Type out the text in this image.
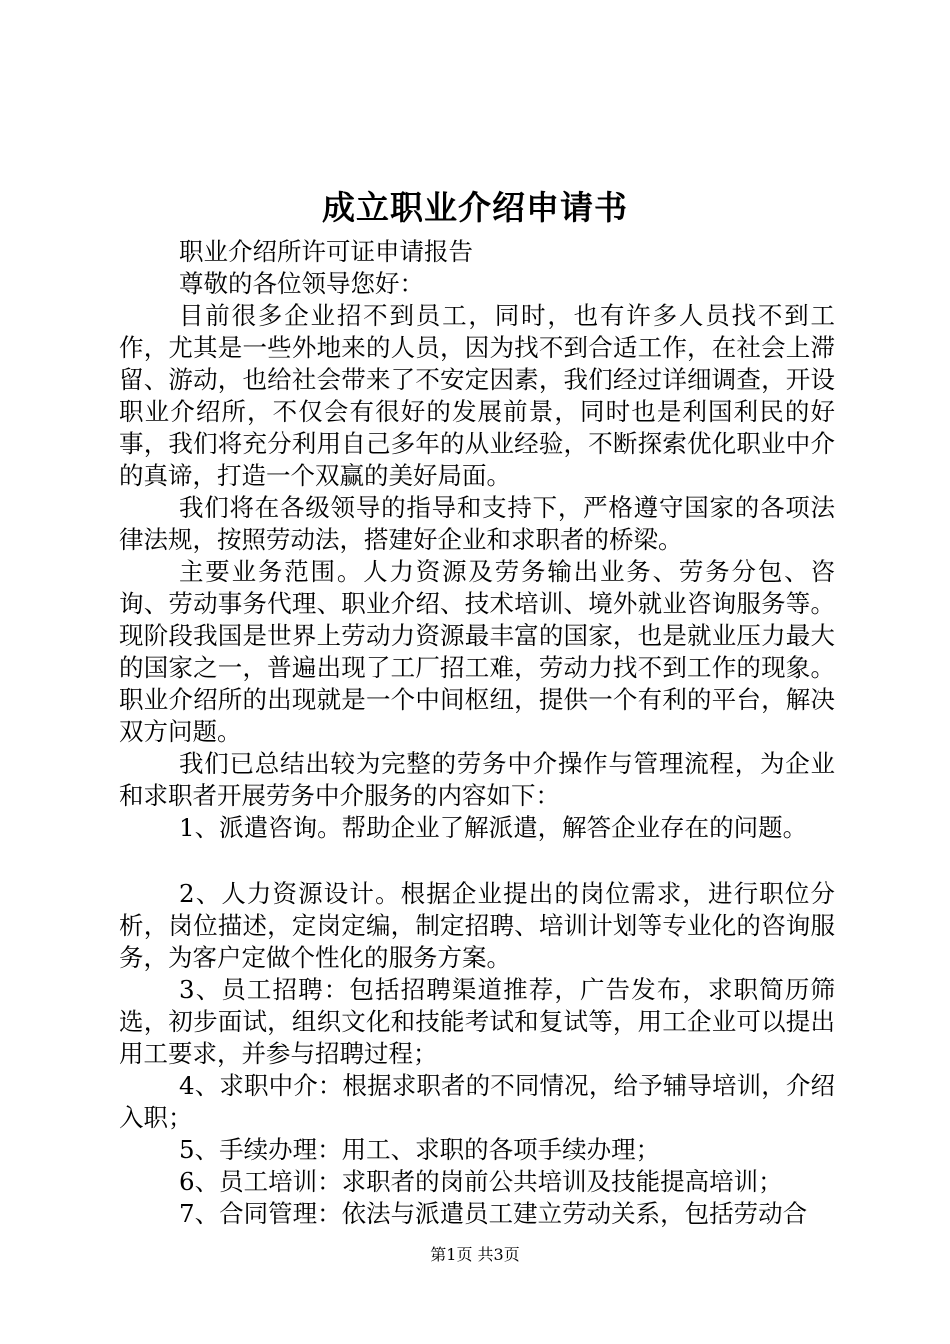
成立职业介绍申请书

职业介绍所许可证申请报告

尊敬的各位领导您好：

目前很多企业招不到员工，同时，也有许多人员找不到工作，尤其是一些外地来的人员，因为找不到合适工作，在社会上滞留、游动，也给社会带来了不安定因素，我们经过详细调查，开设职业介绍所，不仅会有很好的发展前景，同时也是利国利民的好事，我们将充分利用自己多年的从业经验，不断探索优化职业中介的真谛，打造一个双赢的美好局面。

我们将在各级领导的指导和支持下，严格遵守国家的各项法律法规，按照劳动法，搭建好企业和求职者的桥梁。

主要业务范围。人力资源及劳务输出业务、劳务分包、咨询、劳动事务代理、职业介绍、技术培训、境外就业咨询服务等。现阶段我国是世界上劳动力资源最丰富的国家，也是就业压力最大的国家之一，普遍出现了工厂招工难，劳动力找不到工作的现象。职业介绍所的出现就是一个中间枢纽，提供一个有利的平台，解决双方问题。

我们已总结出较为完整的劳务中介操作与管理流程，为企业和求职者开展劳务中介服务的内容如下：

1、派遣咨询。帮助企业了解派遣，解答企业存在的问题。

2、人力资源设计。根据企业提出的岗位需求，进行职位分析，岗位描述，定岗定编，制定招聘、培训计划等专业化的咨询服务，为客户定做个性化的服务方案。

3、员工招聘：包括招聘渠道推荐，广告发布，求职简历筛选，初步面试，组织文化和技能考试和复试等，用工企业可以提出用工要求，并参与招聘过程；

4、求职中介：根据求职者的不同情况，给予辅导培训，介绍入职；

5、手续办理：用工、求职的各项手续办理；

6、员工培训：求职者的岗前公共培训及技能提高培训；

7、合同管理：依法与派遣员工建立劳动关系，包括劳动合

第1页 共3页
